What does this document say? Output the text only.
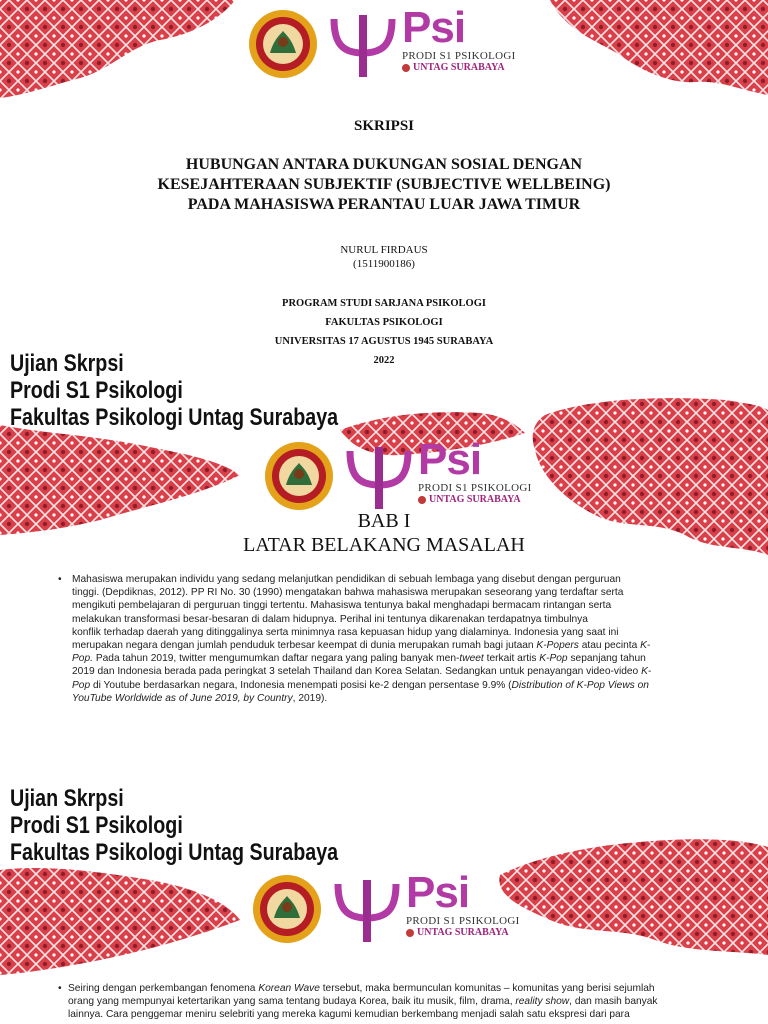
Psi
PRODI S1 PSIKOLOGI
UNTAG SURABAYA
SKRIPSI
HUBUNGAN ANTARA DUKUNGAN SOSIAL DENGAN
KESEJAHTERAAN SUBJEKTIF (SUBJECTIVE WELLBEING)
PADA MAHASISWA PERANTAU LUAR JAWA TIMUR
NURUL FIRDAUS
(1511900186)
PROGRAM STUDI SARJANA PSIKOLOGI
FAKULTAS PSIKOLOGI
UNIVERSITAS 17 AGUSTUS 1945 SURABAYA
2022
Ujian Skrpsi
Prodi S1 Psikologi
Fakultas Psikologi Untag Surabaya
Psi
PRODI S1 PSIKOLOGI
UNTAG SURABAYA
BAB I
LATAR BELAKANG MASALAH
• Mahasiswa merupakan individu yang sedang melanjutkan pendidikan di sebuah lembaga yang disebut dengan perguruan
tinggi. (Depdiknas, 2012). PP RI No. 30 (1990) mengatakan bahwa mahasiswa merupakan seseorang yang terdaftar serta
mengikuti pembelajaran di perguruan tinggi tertentu. Mahasiswa tentunya bakal menghadapi bermacam rintangan serta
melakukan transformasi besar-besaran di dalam hidupnya. Perihal ini tentunya dikarenakan terdapatnya timbulnya
konflik terhadap daerah yang ditinggalinya serta minimnya rasa kepuasan hidup yang dialaminya. Indonesia yang saat ini
merupakan negara dengan jumlah penduduk terbesar keempat di dunia merupakan rumah bagi jutaan K-Popers atau pecinta K-
Pop. Pada tahun 2019, twitter mengumumkan daftar negara yang paling banyak men-tweet terkait artis K-Pop sepanjang tahun
2019 dan Indonesia berada pada peringkat 3 setelah Thailand dan Korea Selatan. Sedangkan untuk penayangan video-video K-
Pop di Youtube berdasarkan negara, Indonesia menempati posisi ke-2 dengan persentase 9.9% (Distribution of K-Pop Views on
YouTube Worldwide as of June 2019, by Country, 2019).
Psi
PRODI S1 PSIKOLOGI
UNTAG SURABAYA
• Seiring dengan perkembangan fenomena Korean Wave tersebut, maka bermunculan komunitas – komunitas yang berisi sejumlah
orang yang mempunyai ketertarikan yang sama tentang budaya Korea, baik itu musik, film, drama, reality show, dan masih banyak
lainnya. Cara penggemar meniru selebriti yang mereka kagumi kemudian berkembang menjadi salah satu ekspresi dari para
Ujian Skrpsi
Prodi S1 Psikologi
Fakultas Psikologi Untag Surabaya
